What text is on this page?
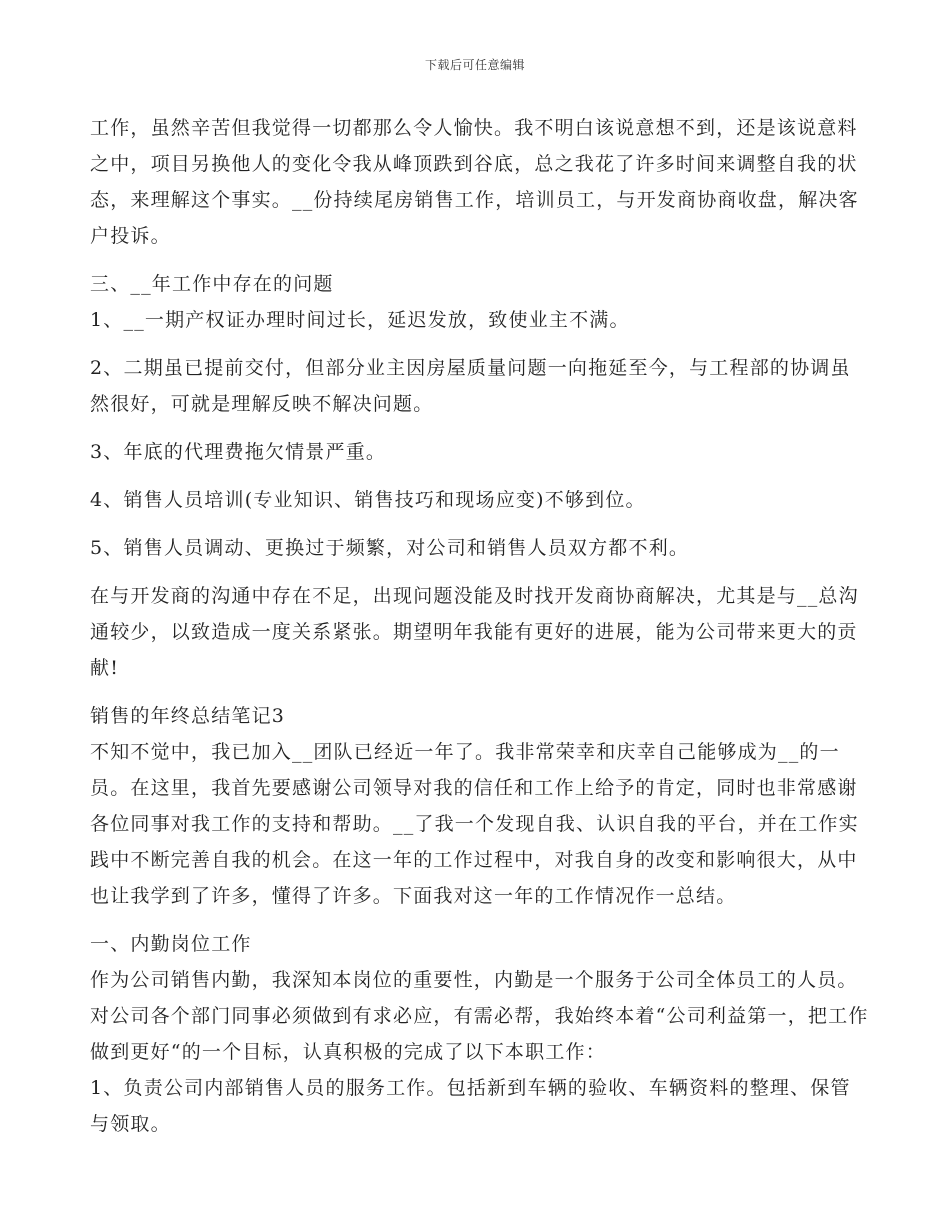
下载后可任意编辑

工作，虽然辛苦但我觉得一切都那么令人愉快。我不明白该说意想不到，还是该说意料之中，项目另换他人的变化令我从峰顶跌到谷底，总之我花了许多时间来调整自我的状态，来理解这个事实。__份持续尾房销售工作，培训员工，与开发商协商收盘，解决客户投诉。

三、__年工作中存在的问题

1、__一期产权证办理时间过长，延迟发放，致使业主不满。

2、二期虽已提前交付，但部分业主因房屋质量问题一向拖延至今，与工程部的协调虽然很好，可就是理解反映不解决问题。

3、年底的代理费拖欠情景严重。

4、销售人员培训(专业知识、销售技巧和现场应变)不够到位。

5、销售人员调动、更换过于频繁，对公司和销售人员双方都不利。

在与开发商的沟通中存在不足，出现问题没能及时找开发商协商解决，尤其是与__总沟通较少，以致造成一度关系紧张。期望明年我能有更好的进展，能为公司带来更大的贡献!

销售的年终总结笔记3

不知不觉中，我已加入__团队已经近一年了。我非常荣幸和庆幸自己能够成为__的一员。在这里，我首先要感谢公司领导对我的信任和工作上给予的肯定，同时也非常感谢各位同事对我工作的支持和帮助。__了我一个发现自我、认识自我的平台，并在工作实践中不断完善自我的机会。在这一年的工作过程中，对我自身的改变和影响很大，从中也让我学到了许多，懂得了许多。下面我对这一年的工作情况作一总结。

一、内勤岗位工作

作为公司销售内勤，我深知本岗位的重要性，内勤是一个服务于公司全体员工的人员。对公司各个部门同事必须做到有求必应，有需必帮，我始终本着“公司利益第一，把工作做到更好“的一个目标，认真积极的完成了以下本职工作：

1、负责公司内部销售人员的服务工作。包括新到车辆的验收、车辆资料的整理、保管与领取。
